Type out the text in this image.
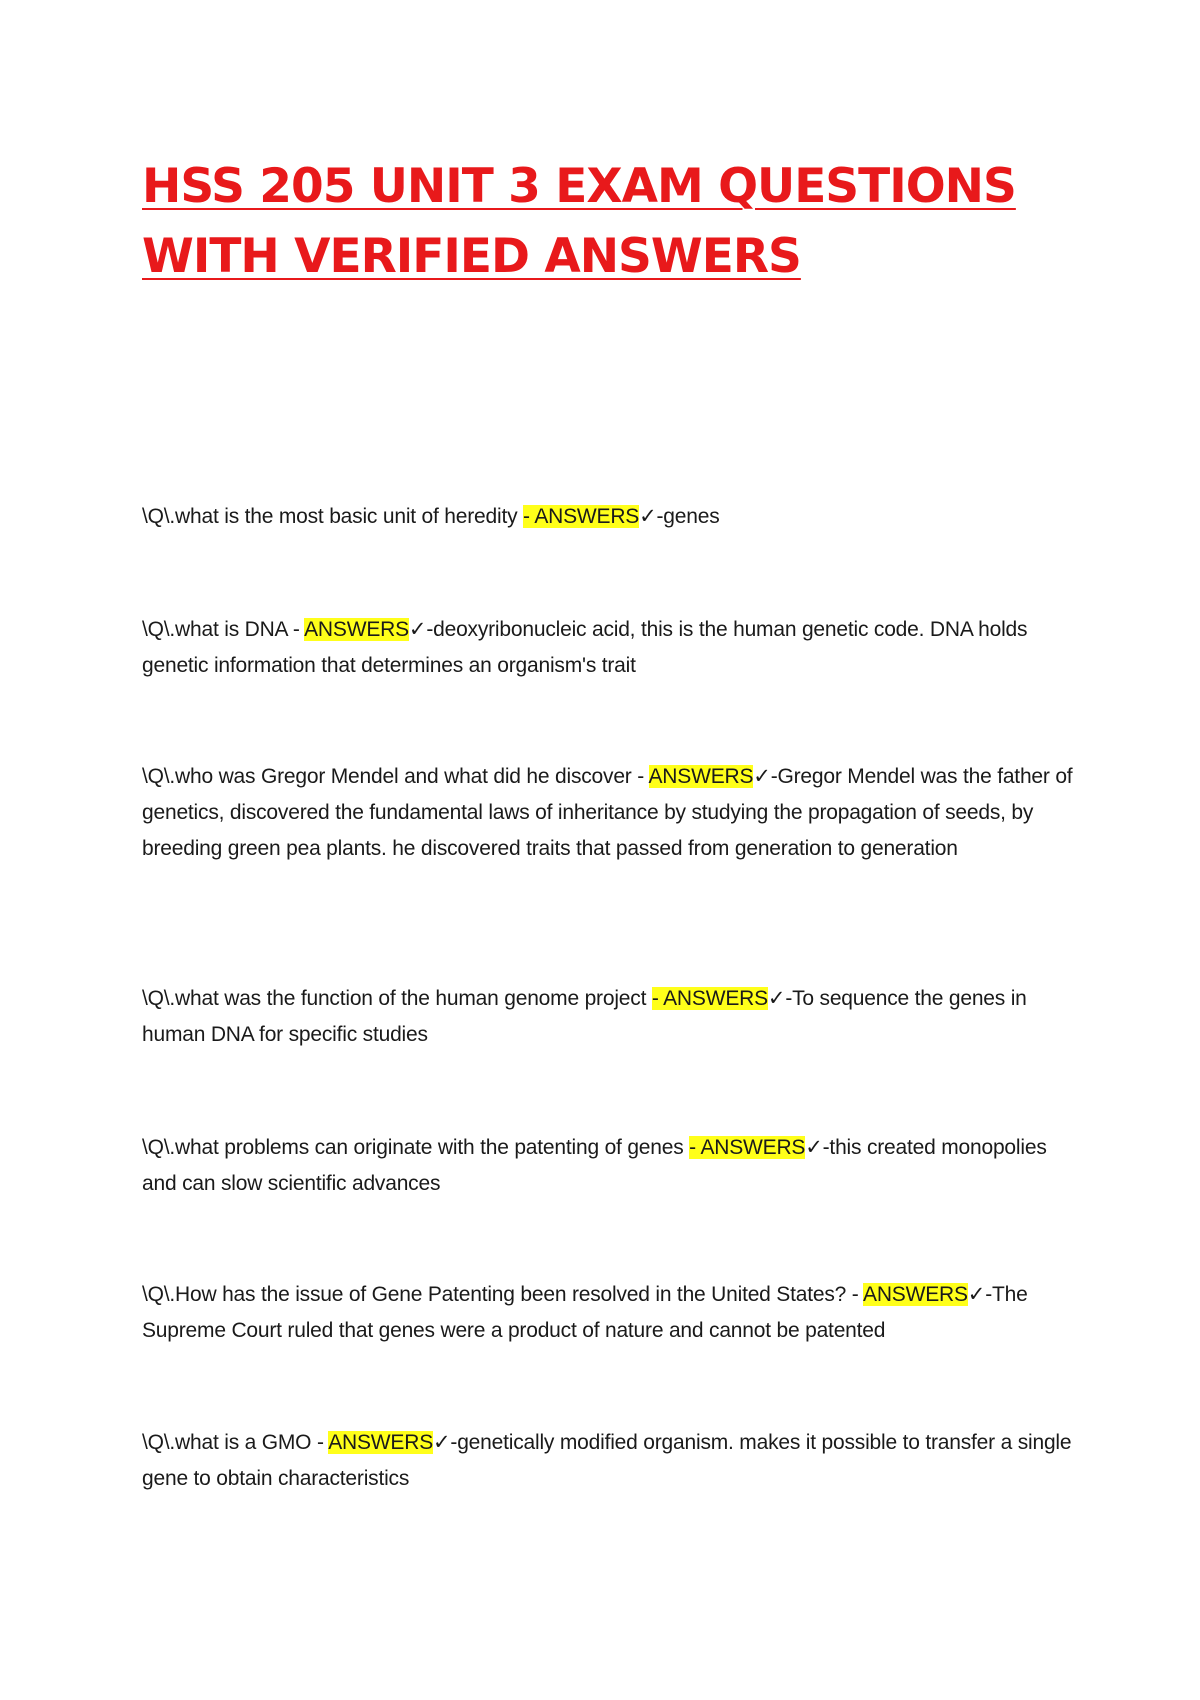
HSS 205 UNIT 3 EXAM QUESTIONS WITH VERIFIED ANSWERS

\Q\.what is the most basic unit of heredity - ANSWERS✓-genes

\Q\.what is DNA - ANSWERS✓-deoxyribonucleic acid, this is the human genetic code. DNA holds genetic information that determines an organism's trait

\Q\.who was Gregor Mendel and what did he discover - ANSWERS✓-Gregor Mendel was the father of genetics, discovered the fundamental laws of inheritance by studying the propagation of seeds, by breeding green pea plants. he discovered traits that passed from generation to generation

\Q\.what was the function of the human genome project - ANSWERS✓-To sequence the genes in human DNA for specific studies

\Q\.what problems can originate with the patenting of genes - ANSWERS✓-this created monopolies and can slow scientific advances

\Q\.How has the issue of Gene Patenting been resolved in the United States? - ANSWERS✓-The Supreme Court ruled that genes were a product of nature and cannot be patented

\Q\.what is a GMO - ANSWERS✓-genetically modified organism. makes it possible to transfer a single gene to obtain characteristics
